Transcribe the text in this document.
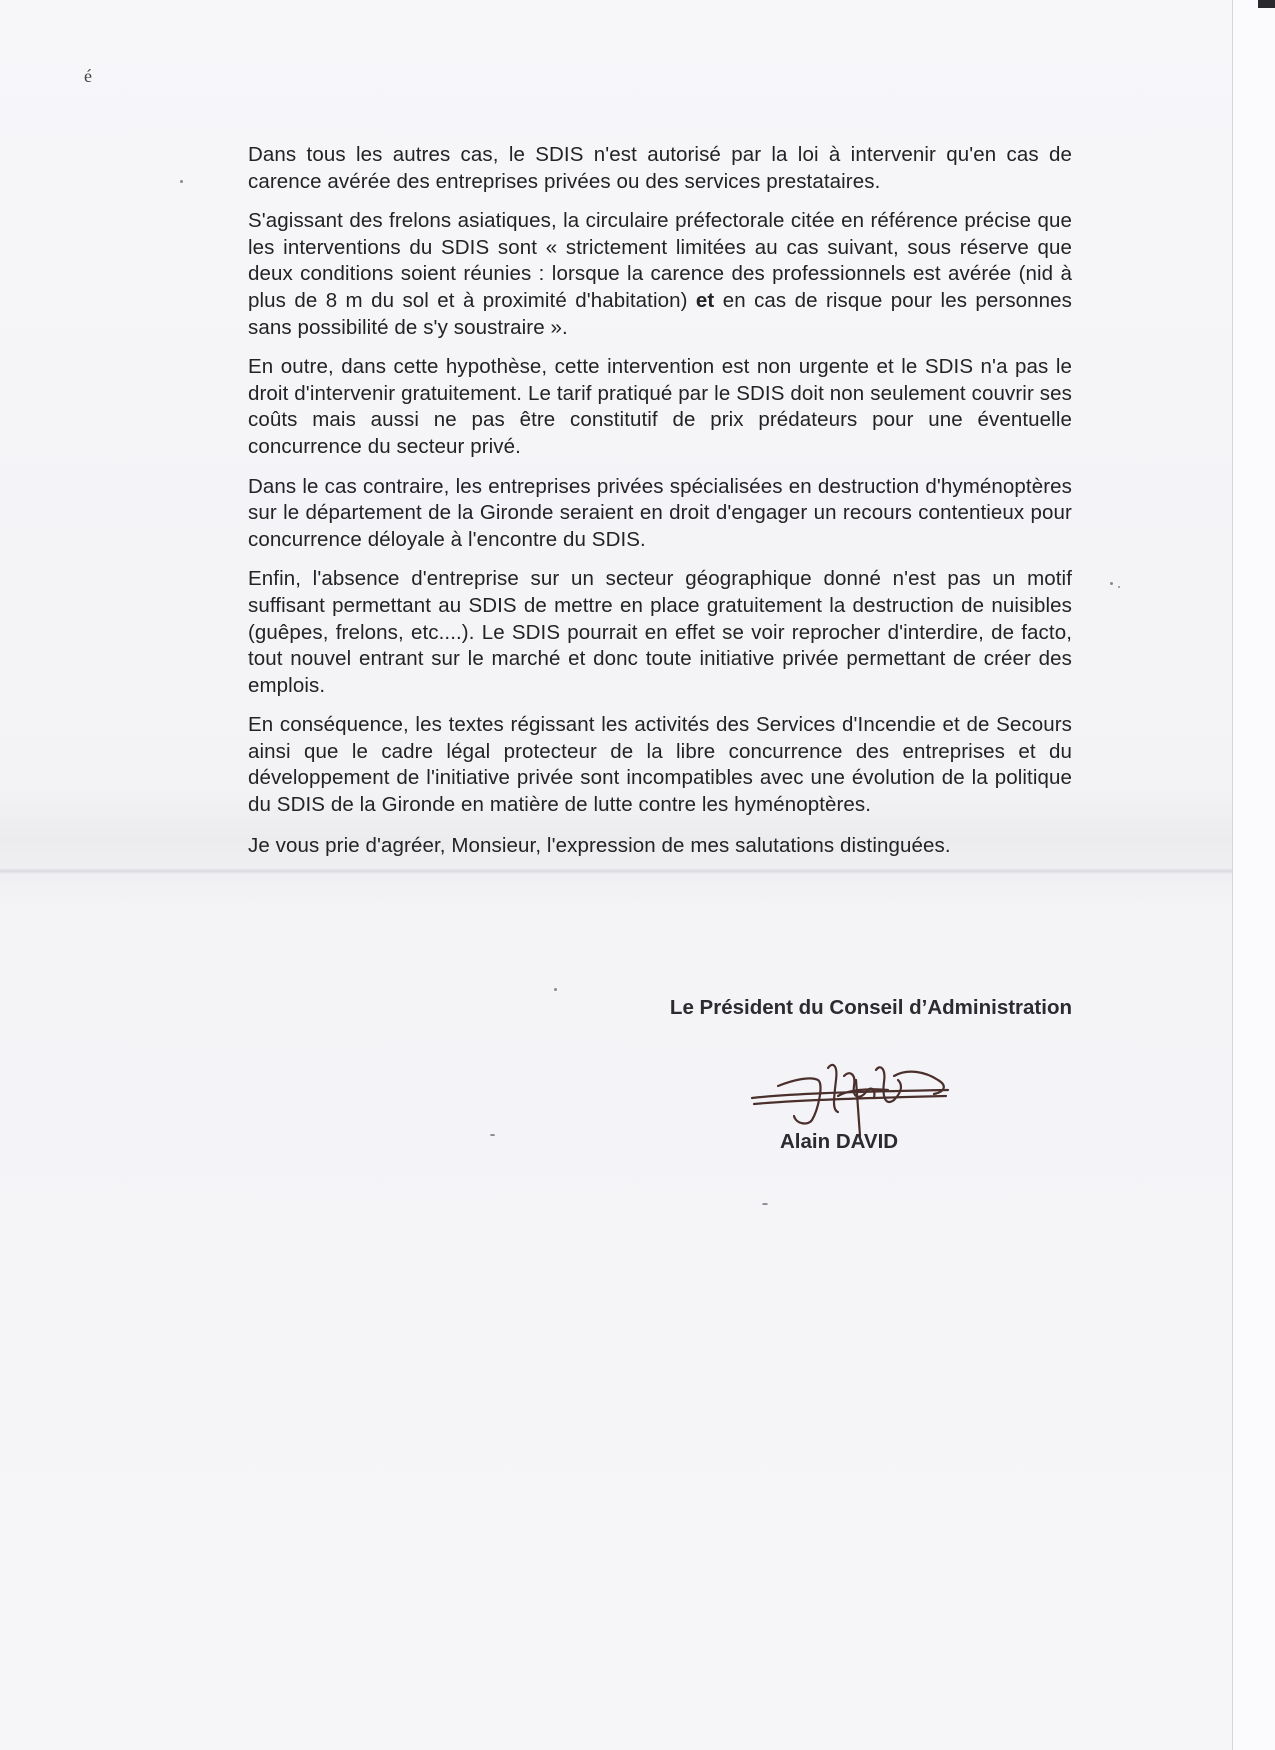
é

Dans tous les autres cas, le SDIS n'est autorisé par la loi à intervenir qu'en cas de carence avérée des entreprises privées ou des services prestataires.

S'agissant des frelons asiatiques, la circulaire préfectorale citée en référence précise que les interventions du SDIS sont « strictement limitées au cas suivant, sous réserve que deux conditions soient réunies : lorsque la carence des professionnels est avérée (nid à plus de 8 m du sol et à proximité d'habitation) et en cas de risque pour les personnes sans possibilité de s'y soustraire ».

En outre, dans cette hypothèse, cette intervention est non urgente et le SDIS n'a pas le droit d'intervenir gratuitement. Le tarif pratiqué par le SDIS doit non seulement couvrir ses coûts mais aussi ne pas être constitutif de prix prédateurs pour une éventuelle concurrence du secteur privé.

Dans le cas contraire, les entreprises privées spécialisées en destruction d'hyménoptères sur le département de la Gironde seraient en droit d'engager un recours contentieux pour concurrence déloyale à l'encontre du SDIS.

Enfin, l'absence d'entreprise sur un secteur géographique donné n'est pas un motif suffisant permettant au SDIS de mettre en place gratuitement la destruction de nuisibles (guêpes, frelons, etc....). Le SDIS pourrait en effet se voir reprocher d'interdire, de facto, tout nouvel entrant sur le marché et donc toute initiative privée permettant de créer des emplois.

En conséquence, les textes régissant les activités des Services d'Incendie et de Secours ainsi que le cadre légal protecteur de la libre concurrence des entreprises et du développement de l'initiative privée sont incompatibles avec une évolution de la politique du SDIS de la Gironde en matière de lutte contre les hyménoptères.

Je vous prie d'agréer, Monsieur, l'expression de mes salutations distinguées.

Le Président du Conseil d’Administration
Alain DAVID
